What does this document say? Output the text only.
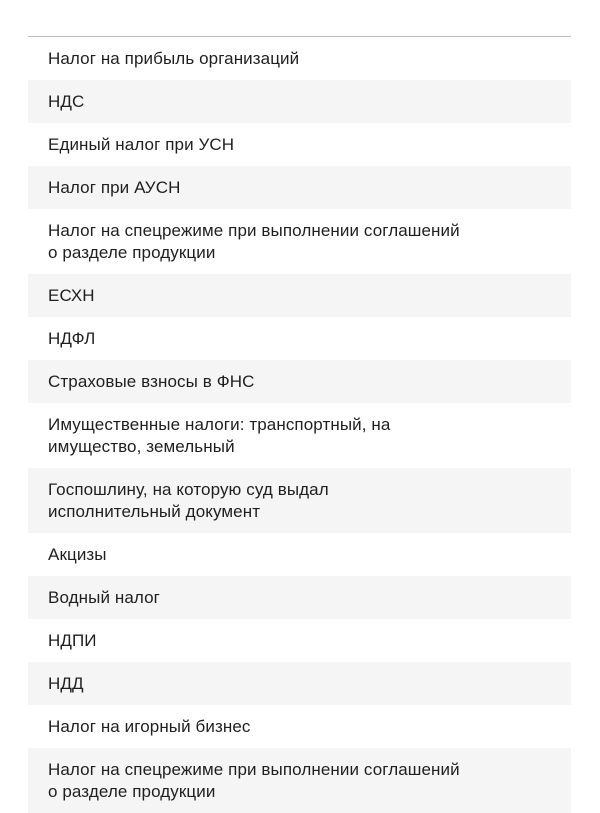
Налог на прибыль организаций
НДС
Единый налог при УСН
Налог при АУСН
Налог на спецрежиме при выполнении соглашений
о разделе продукции
ЕСХН
НДФЛ
Страховые взносы в ФНС
Имущественные налоги: транспортный, на
имущество, земельный
Госпошлину, на которую суд выдал
исполнительный документ
Акцизы
Водный налог
НДПИ
НДД
Налог на игорный бизнес
Налог на спецрежиме при выполнении соглашений
о разделе продукции
